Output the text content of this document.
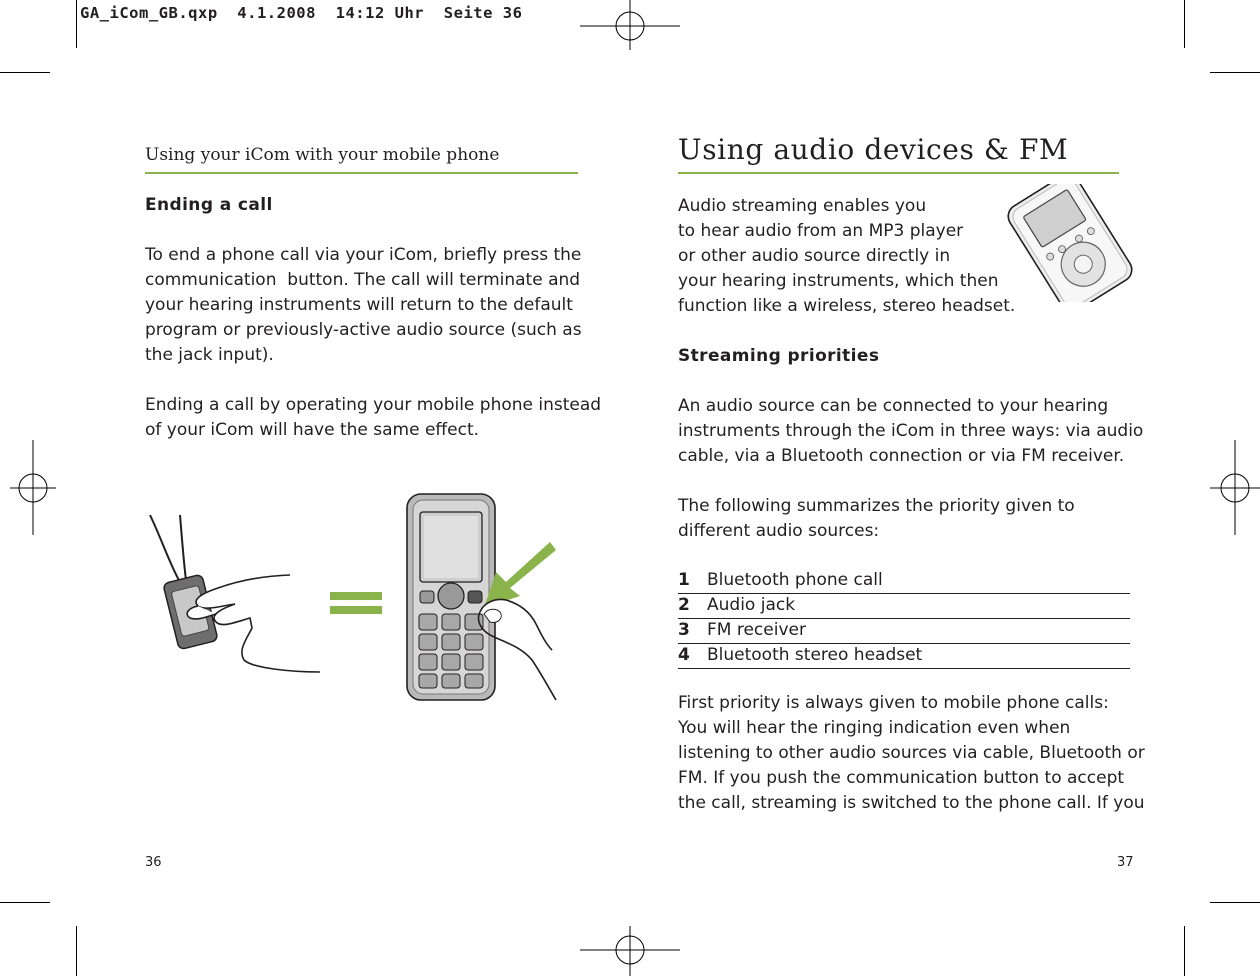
GA_iCom_GB.qxp  4.1.2008  14:12 Uhr  Seite 36
Using your iCom with your mobile phone
Ending a call
To end a phone call via your iCom, briefly press the
communication  button. The call will terminate and
your hearing instruments will return to the default
program or previously-active audio source (such as
the jack input).
Ending a call by operating your mobile phone instead
of your iCom will have the same effect.
36
Using audio devices & FM
Audio streaming enables you
to hear audio from an MP3 player
or other audio source directly in
your hearing instruments, which then
function like a wireless, stereo headset.
Streaming priorities
An audio source can be connected to your hearing
instruments through the iCom in three ways: via audio
cable, via a Bluetooth connection or via FM receiver.
The following summarizes the priority given to
different audio sources:
1 Bluetooth phone call
2 Audio jack
3 FM receiver
4 Bluetooth stereo headset
First priority is always given to mobile phone calls:
You will hear the ringing indication even when
listening to other audio sources via cable, Bluetooth or
FM. If you push the communication button to accept
the call, streaming is switched to the phone call. If you
37
